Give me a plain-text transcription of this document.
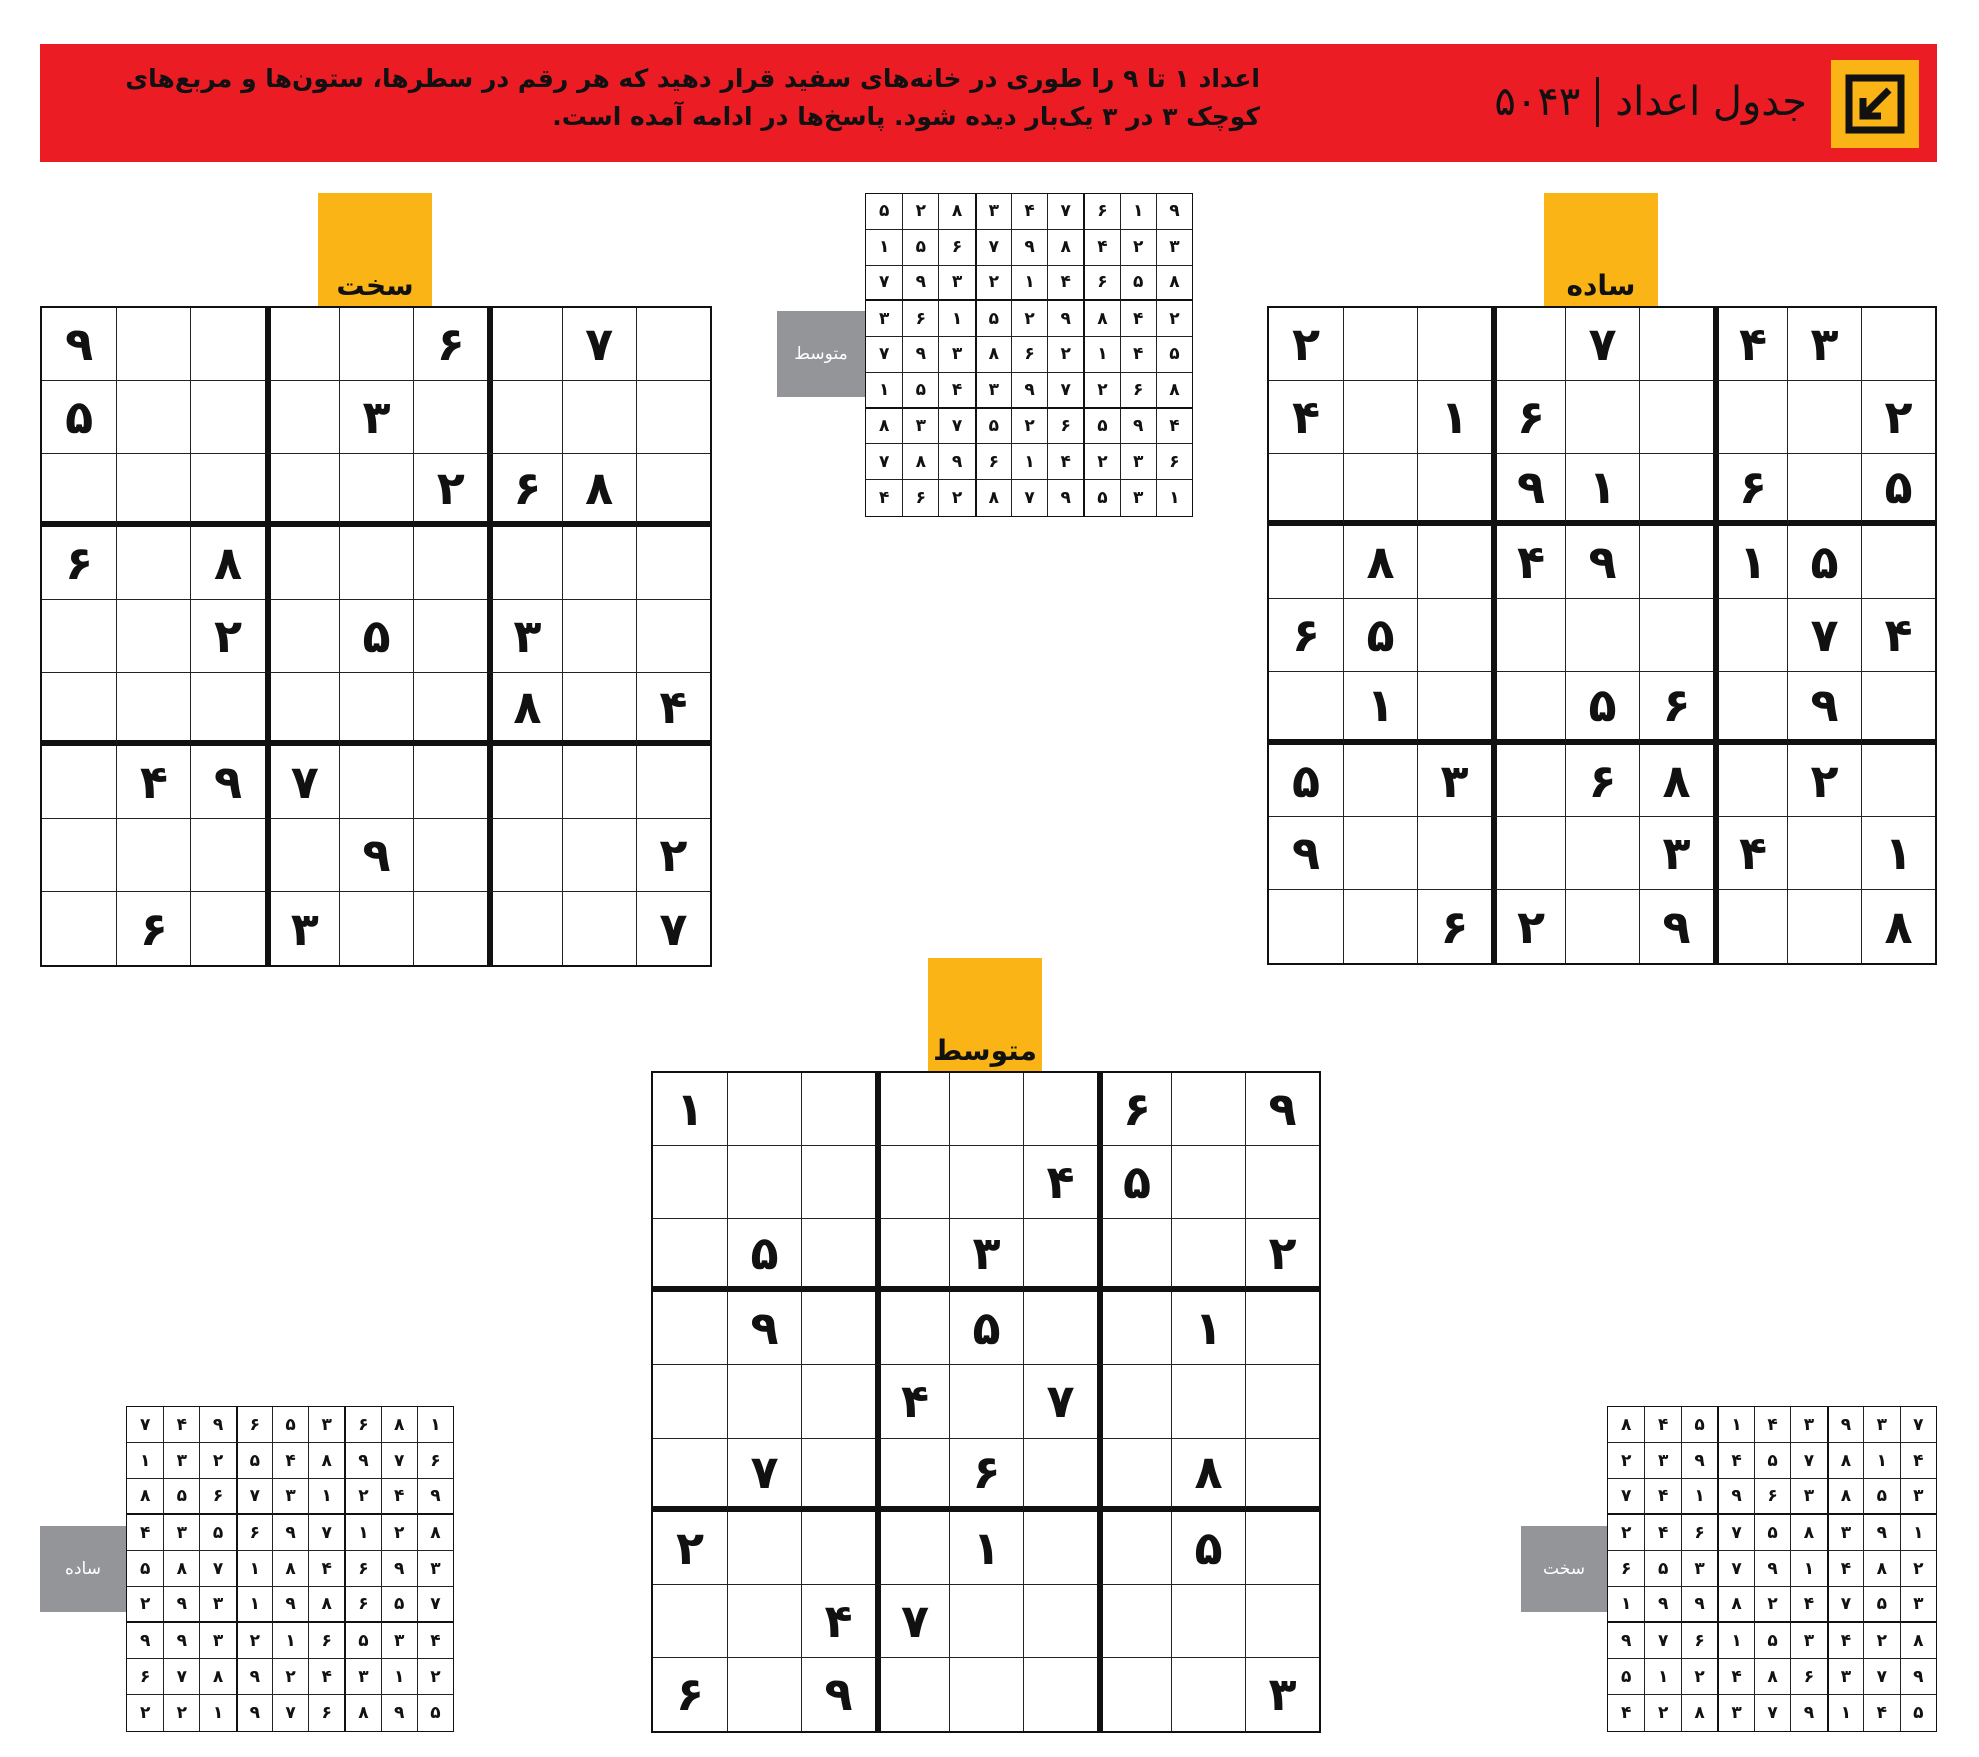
جدول اعداد
۵۰۴۳
اعداد ۱ تا ۹ را طوری در خانه‌های سفید قرار دهید که هر رقم در سطرها، ستون‌ها و مربع‌های کوچک ۳ در ۳ یک‌بار دیده شود. پاسخ‌ها در ادامه آمده است.
ساده
۳
۴
۷
۲
۲
۶
۱
۴
۵
۶
۱
۹
۵
۱
۹
۴
۸
۴
۷
۵
۶
۹
۶
۵
۱
۲
۸
۶
۳
۵
۱
۴
۳
۹
۸
۹
۲
۶
سخت
۷
۶
۹
۳
۵
۸
۶
۲
۸
۶
۳
۵
۲
۴
۸
۷
۹
۴
۲
۹
۷
۳
۶
متوسط
۹
۶
۱
۵
۴
۲
۳
۵
۱
۵
۹
۷
۴
۸
۶
۷
۵
۱
۲
۷
۴
۳
۹
۶
متوسط
۹
۱
۶
۷
۴
۳
۸
۲
۵
۳
۲
۴
۸
۹
۷
۶
۵
۱
۸
۵
۶
۴
۱
۲
۳
۹
۷
۲
۴
۸
۹
۲
۵
۱
۶
۳
۵
۴
۱
۲
۶
۸
۳
۹
۷
۸
۶
۲
۷
۹
۳
۴
۵
۱
۴
۹
۵
۶
۲
۵
۷
۳
۸
۶
۳
۲
۴
۱
۶
۹
۸
۷
۱
۳
۵
۹
۷
۸
۲
۶
۴
ساده
۱
۸
۶
۳
۵
۶
۹
۴
۷
۶
۷
۹
۸
۴
۵
۲
۳
۱
۹
۴
۲
۱
۳
۷
۶
۵
۸
۸
۲
۱
۷
۹
۶
۵
۳
۴
۳
۹
۶
۴
۸
۱
۷
۸
۵
۷
۵
۶
۸
۹
۱
۳
۹
۲
۴
۳
۵
۶
۱
۲
۳
۹
۹
۲
۱
۳
۴
۲
۹
۸
۷
۶
۵
۹
۸
۶
۷
۹
۱
۲
۲
سخت
۷
۳
۹
۳
۴
۱
۵
۴
۸
۴
۱
۸
۷
۵
۴
۹
۳
۲
۳
۵
۸
۳
۶
۹
۱
۴
۷
۱
۹
۳
۸
۵
۷
۶
۴
۲
۲
۸
۴
۱
۹
۷
۳
۵
۶
۳
۵
۷
۴
۲
۸
۹
۹
۱
۸
۲
۴
۳
۵
۱
۶
۷
۹
۹
۷
۳
۶
۸
۴
۲
۱
۵
۵
۴
۱
۹
۷
۳
۸
۲
۴
